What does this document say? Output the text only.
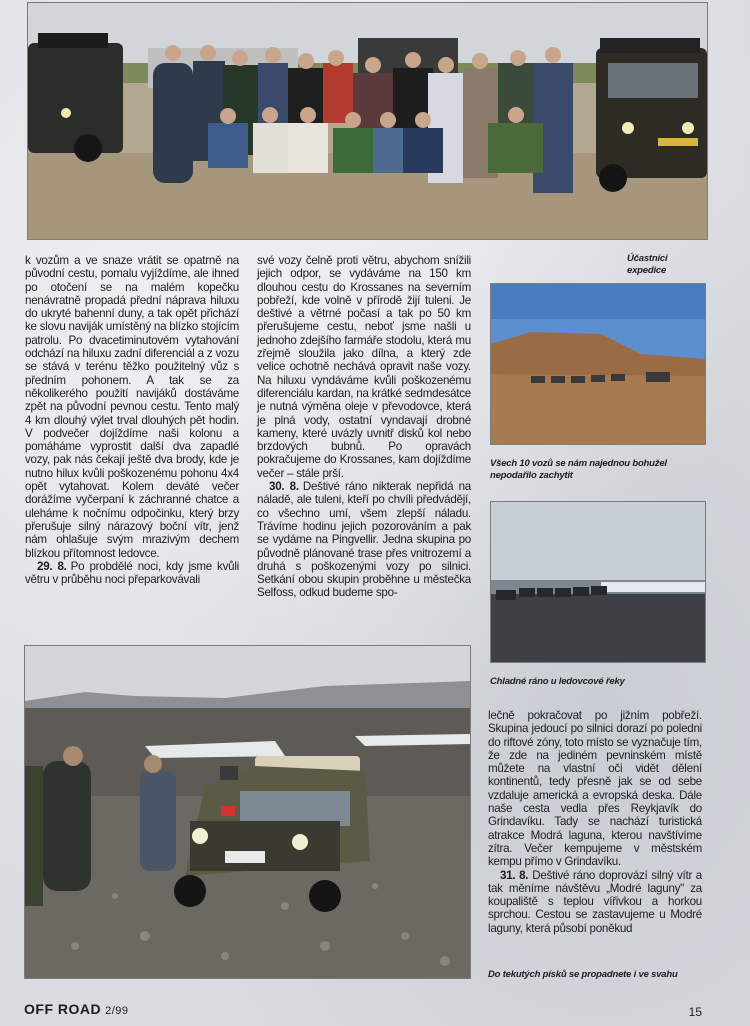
Účastníci expedice
Všech 10 vozů se nám najednou bohužel nepodařilo zachytit
Chladné ráno u ledovcové řeky
Do tekutých písků se propadnete i ve svahu

k vozům a ve snaze vrátit se opatrně na původní cestu, pomalu vyjíždíme, ale ihned po otočení se na malém kopečku nenávratně propadá přední náprava hiluxu do ukryté bahenní duny, a tak opět přichází ke slovu naviják umístěný na blízko stojícím patrolu. Po dvacetiminutovém vytahování odchází na hiluxu zadní diferenciál a z vozu se stává v terénu těžko použitelný vůz s předním pohonem. A tak se za několikerého použití navijáků dostáváme zpět na původní pevnou cestu. Tento malý 4 km dlouhý výlet trval dlouhých pět hodin. V podvečer dojíždíme naši kolonu a pomáháme vyprostit další dva zapadlé vozy, pak nás čekají ještě dva brody, kde je nutno hilux kvůli poškozenému pohonu 4x4 opět vytahovat. Kolem deváté večer dorážíme vyčerpaní k záchranné chatce a uleháme k nočnímu odpočinku, který brzy přerušuje silný nárazový boční vítr, jenž nám ohlašuje svým mrazivým dechem blízkou přítomnost ledovce.

29. 8. Po probdělé noci, kdy jsme kvůli větru v průběhu noci přeparkovávali

své vozy čelně proti větru, abychom snížili jejich odpor, se vydáváme na 150 km dlouhou cestu do Krossanes na severním pobřeží, kde volně v přírodě žijí tuleni. Je deštivé a větrné počasí a tak po 50 km přerušujeme cestu, neboť jsme našli u jednoho zdejšího farmáře stodolu, která mu zřejmě sloužila jako dílna, a který zde velice ochotně nechává opravit naše vozy. Na hiluxu vyndáváme kvůli poškozenému diferenciálu kardan, na krátké sedmdesátce je nutná výměna oleje v převodovce, která je plná vody, ostatní vyndavají drobné kameny, které uvázly uvnitř disků kol nebo brzdových bubnů. Po opravách pokračujeme do Krossanes, kam dojíždíme večer – stále prší.

30. 8. Deštivé ráno nikterak nepřidá na náladě, ale tuleni, kteří po chvíli předvádějí, co všechno umí, všem zlepší náladu. Trávíme hodinu jejich pozorováním a pak se vydáme na Pingvellir. Jedna skupina po původně plánované trase přes vnitrozemí a druhá s poškozenými vozy po silnici. Setkání obou skupin proběhne u městečka Selfoss, odkud budeme spo-

lečně pokračovat po jižním pobřeží. Skupina jedoucí po silnici dorazí po poledni do riftové zóny, toto místo se vyznačuje tím, že zde na jediném pevninském místě můžete na vlastní oči vidět dělení kontinentů, tedy přesně jak se od sebe vzdaluje americká a evropská deska. Dále naše cesta vedla přes Reykjavík do Grindavíku. Tady se nachází turistická atrakce Modrá laguna, kterou navštívíme zítra. Večer kempujeme v městském kempu přímo v Grindavíku.

31. 8. Deštivé ráno doprovází silný vítr a tak měníme návštěvu „Modré laguny" za koupaliště s teplou vířivkou a horkou sprchou. Cestou se zastavujeme u Modré laguny, která působí poněkud

OFF ROAD 2/99	15
